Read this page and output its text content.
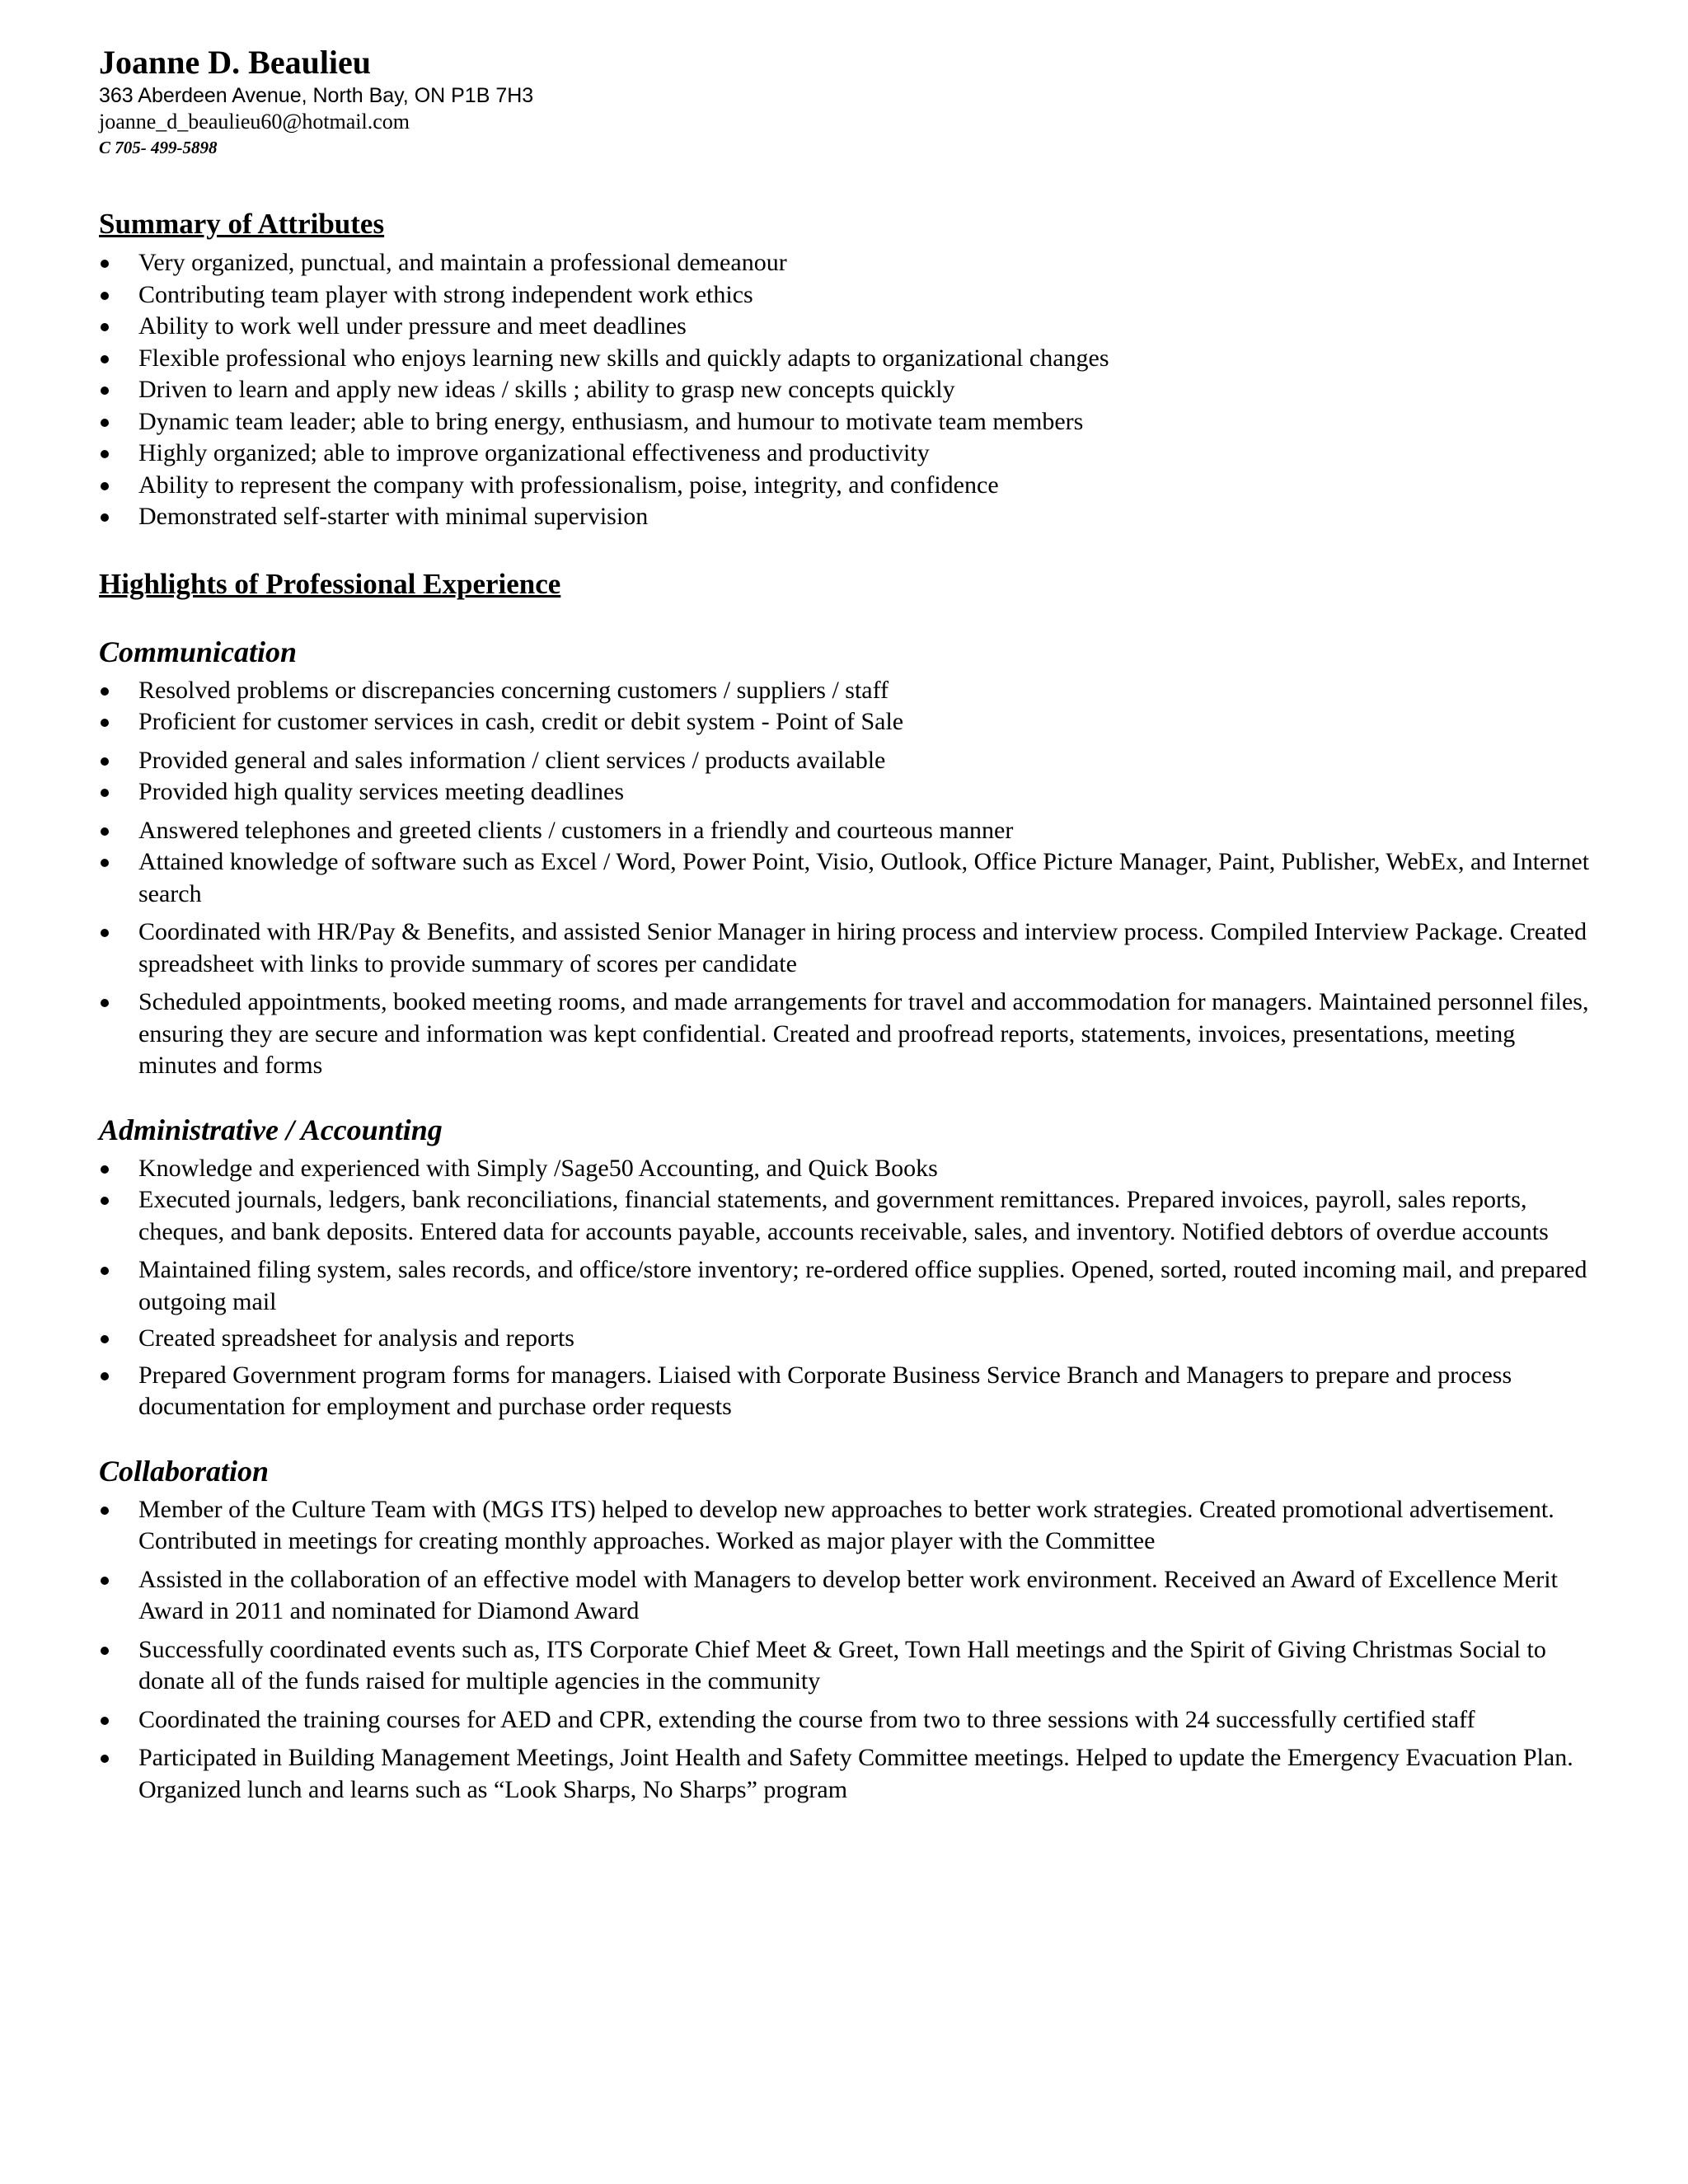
Joanne D. Beaulieu
363 Aberdeen Avenue, North Bay, ON P1B 7H3
joanne_d_beaulieu60@hotmail.com
C 705- 499-5898
Summary of Attributes
Very organized, punctual, and maintain a professional demeanour
Contributing team player with strong independent work ethics
Ability to work well under pressure and meet deadlines
Flexible professional who enjoys learning new skills and quickly adapts to organizational changes
Driven to learn and apply new ideas / skills ; ability to grasp new concepts quickly
Dynamic team leader; able to bring energy, enthusiasm, and humour to motivate team members
Highly organized; able to improve organizational effectiveness and productivity
Ability to represent the company with professionalism, poise, integrity, and confidence
Demonstrated self-starter with minimal supervision
Highlights of Professional Experience
Communication
Resolved problems or discrepancies concerning customers / suppliers / staff
Proficient for customer services in cash, credit or debit system - Point of Sale
Provided general and sales information / client services / products available
Provided high quality services meeting deadlines
Answered telephones and greeted clients / customers in a friendly and courteous manner
Attained knowledge of software such as Excel / Word, Power Point, Visio, Outlook, Office Picture Manager, Paint, Publisher, WebEx, and Internet search
Coordinated with HR/Pay & Benefits, and assisted Senior Manager in hiring process and interview process. Compiled Interview Package. Created spreadsheet with links to provide summary of scores per candidate
Scheduled appointments, booked meeting rooms, and made arrangements for travel and accommodation for managers. Maintained personnel files, ensuring they are secure and information was kept confidential. Created and proofread reports, statements, invoices, presentations, meeting minutes and forms
Administrative / Accounting
Knowledge and experienced with Simply /Sage50 Accounting, and Quick Books
Executed journals, ledgers, bank reconciliations, financial statements, and government remittances. Prepared invoices, payroll, sales reports, cheques, and bank deposits. Entered data for accounts payable, accounts receivable, sales, and inventory. Notified debtors of overdue accounts
Maintained filing system, sales records, and office/store inventory; re-ordered office supplies. Opened, sorted, routed incoming mail, and prepared outgoing mail
Created spreadsheet for analysis and reports
Prepared Government program forms for managers. Liaised with Corporate Business Service Branch and Managers to prepare and process documentation for employment and purchase order requests
Collaboration
Member of the Culture Team with (MGS ITS) helped to develop new approaches to better work strategies. Created promotional advertisement. Contributed in meetings for creating monthly approaches. Worked as major player with the Committee
Assisted in the collaboration of an effective model with Managers to develop better work environment. Received an Award of Excellence Merit Award in 2011 and nominated for Diamond Award
Successfully coordinated events such as, ITS Corporate Chief Meet & Greet, Town Hall meetings and the Spirit of Giving Christmas Social to donate all of the funds raised for multiple agencies in the community
Coordinated the training courses for AED and CPR, extending the course from two to three sessions with 24 successfully certified staff
Participated in Building Management Meetings, Joint Health and Safety Committee meetings. Helped to update the Emergency Evacuation Plan. Organized lunch and learns such as “Look Sharps, No Sharps” program
